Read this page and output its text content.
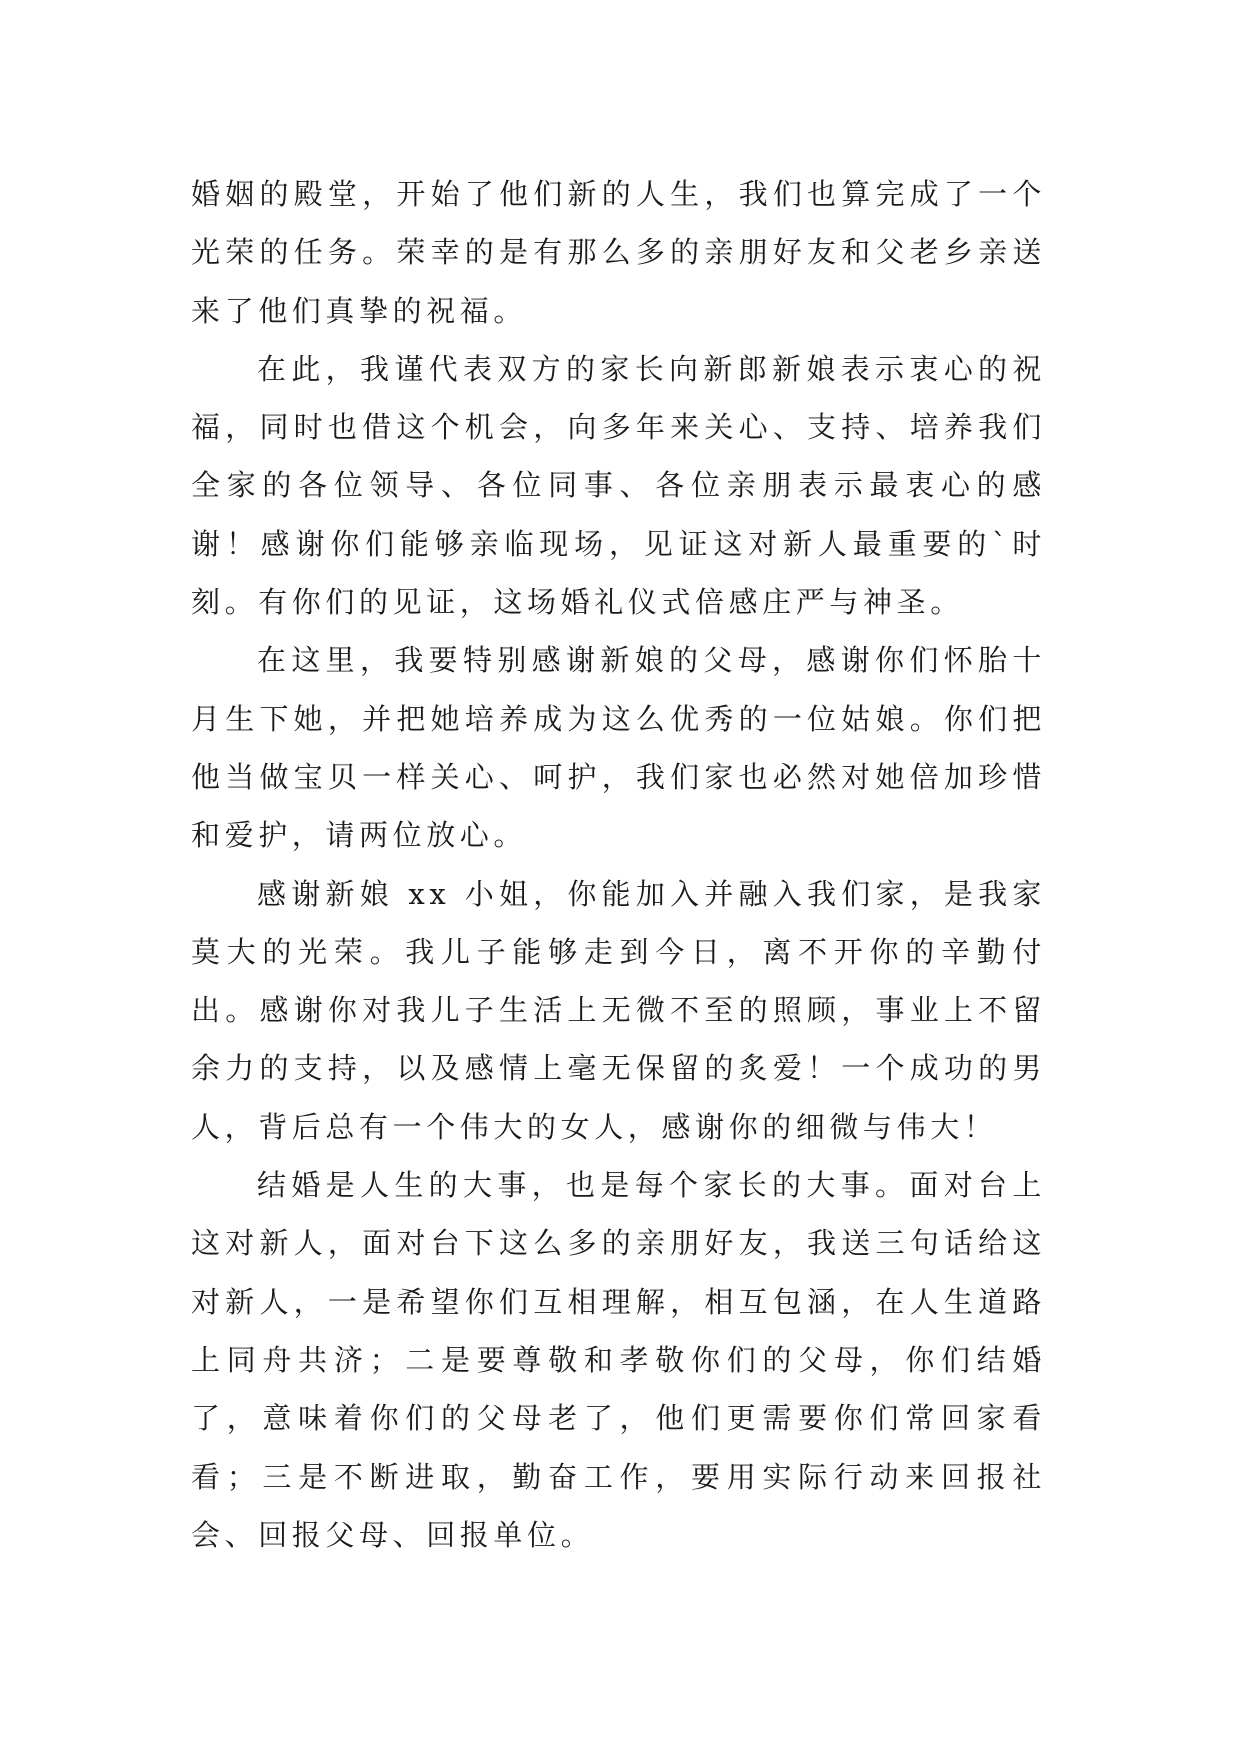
婚姻的殿堂，开始了他们新的人生，我们也算完成了一个光荣的任务。荣幸的是有那么多的亲朋好友和父老乡亲送来了他们真挚的祝福。

在此，我谨代表双方的家长向新郎新娘表示衷心的祝福，同时也借这个机会，向多年来关心、支持、培养我们全家的各位领导、各位同事、各位亲朋表示最衷心的感谢！感谢你们能够亲临现场，见证这对新人最重要的`时刻。有你们的见证，这场婚礼仪式倍感庄严与神圣。

在这里，我要特别感谢新娘的父母，感谢你们怀胎十月生下她，并把她培养成为这么优秀的一位姑娘。你们把他当做宝贝一样关心、呵护，我们家也必然对她倍加珍惜和爱护，请两位放心。

感谢新娘 xx 小姐，你能加入并融入我们家，是我家莫大的光荣。我儿子能够走到今日，离不开你的辛勤付出。感谢你对我儿子生活上无微不至的照顾，事业上不留余力的支持，以及感情上毫无保留的炙爱！一个成功的男人，背后总有一个伟大的女人，感谢你的细微与伟大！

结婚是人生的大事，也是每个家长的大事。面对台上这对新人，面对台下这么多的亲朋好友，我送三句话给这对新人，一是希望你们互相理解，相互包涵，在人生道路上同舟共济；二是要尊敬和孝敬你们的父母，你们结婚了，意味着你们的父母老了，他们更需要你们常回家看看；三是不断进取，勤奋工作，要用实际行动来回报社会、回报父母、回报单位。
